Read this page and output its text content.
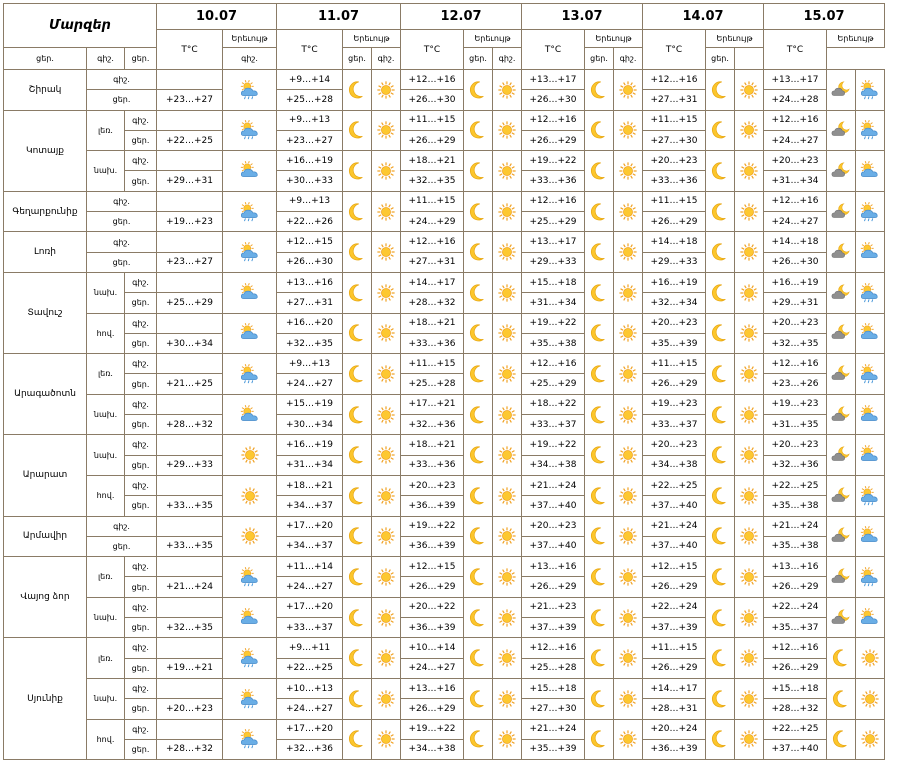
Մարզեր			10.07		11.07			12.07			13.07			14.07			15.07		
			T°C	Երեւույթ	T°C	Երեւույթ		T°C	Երեւույթ		T°C	Երեւույթ		T°C	Երեւույթ		T°C	Երեւույթ	
ցեր.	գիշ.	ցեր.		գիշ.		ցեր.	գիշ.		ցեր.	գիշ.		ցեր.	գիշ.		ցեր.				
Շիրակ	գիշ.				+9…+14			+12…+16			+13…+17			+12…+16			+13…+17	

	ցեր.		+23…+27		+25…+28			+26…+30			+26…+30			+27…+31			+24…+28		
Կոտայք	լեռ.	գիշ.			+9…+13			+11…+15			+12…+16			+11…+15			+12…+16	

		ցեր.	+22…+25		+23…+27			+26…+29			+26…+29			+27…+30			+24…+27		
	նախ.	գիշ.			+16…+19			+18…+21			+19…+22			+20…+23			+20…+23	

		ցեր.	+29…+31		+30…+33			+32…+35			+33…+36			+33…+36			+31…+34		
Գեղարքունիք	գիշ.				+9…+13			+11…+15			+12…+16			+11…+15			+12…+16	

	ցեր.		+19…+23		+22…+26			+24…+29			+25…+29			+26…+29			+24…+27		
Լոռի	գիշ.				+12…+15			+12…+16			+13…+17			+14…+18			+14…+18	

	ցեր.		+23…+27		+26…+30			+27…+31			+29…+33			+29…+33			+26…+30		
Տավուշ	նախ.	գիշ.			+13…+16			+14…+17			+15…+18			+16…+19			+16…+19	

		ցեր.	+25…+29		+27…+31			+28…+32			+31…+34			+32…+34			+29…+31		
	հով.	գիշ.			+16…+20			+18…+21			+19…+22			+20…+23			+20…+23	

		ցեր.	+30…+34		+32…+35			+33…+36			+35…+38			+35…+39			+32…+35		
Արագածոտն	լեռ.	գիշ.			+9…+13			+11…+15			+12…+16			+11…+15			+12…+16	

		ցեր.	+21…+25		+24…+27			+25…+28			+25…+29			+26…+29			+23…+26		
	նախ.	գիշ.			+15…+19			+17…+21			+18…+22			+19…+23			+19…+23	

		ցեր.	+28…+32		+30…+34			+32…+36			+33…+37			+33…+37			+31…+35		
Արարատ	նախ.	գիշ.			+16…+19			+18…+21			+19…+22			+20…+23			+20…+23	

		ցեր.	+29…+33		+31…+34			+33…+36			+34…+38			+34…+38			+32…+36		
	հով.	գիշ.			+18…+21			+20…+23			+21…+24			+22…+25			+22…+25	

		ցեր.	+33…+35		+34…+37			+36…+39			+37…+40			+37…+40			+35…+38		
Արմավիր	գիշ.				+17…+20			+19…+22			+20…+23			+21…+24			+21…+24	

	ցեր.		+33…+35		+34…+37			+36…+39			+37…+40			+37…+40			+35…+38		
Վայոց ձոր	լեռ.	գիշ.			+11…+14			+12…+15			+13…+16			+12…+15			+13…+16	

		ցեր.	+21…+24		+24…+27			+26…+29			+26…+29			+26…+29			+26…+29		
	նախ.	գիշ.			+17…+20			+20…+22			+21…+23			+22…+24			+22…+24	

		ցեր.	+32…+35		+33…+37			+36…+39			+37…+39			+37…+39			+35…+37		
Սյունիք	լեռ.	գիշ.			+9…+11			+10…+14			+12…+16			+11…+15			+12…+16	

		ցեր.	+19…+21		+22…+25			+24…+27			+25…+28			+26…+29			+26…+29		
	նախ.	գիշ.			+10…+13			+13…+16			+15…+18			+14…+17			+15…+18	

		ցեր.	+20…+23		+24…+27			+26…+29			+27…+30			+28…+31			+28…+32		
	հով.	գիշ.			+17…+20			+19…+22			+21…+24			+20…+24			+22…+25	

		ցեր.	+28…+32		+32…+36			+34…+38			+35…+39			+36…+39			+37…+40		
